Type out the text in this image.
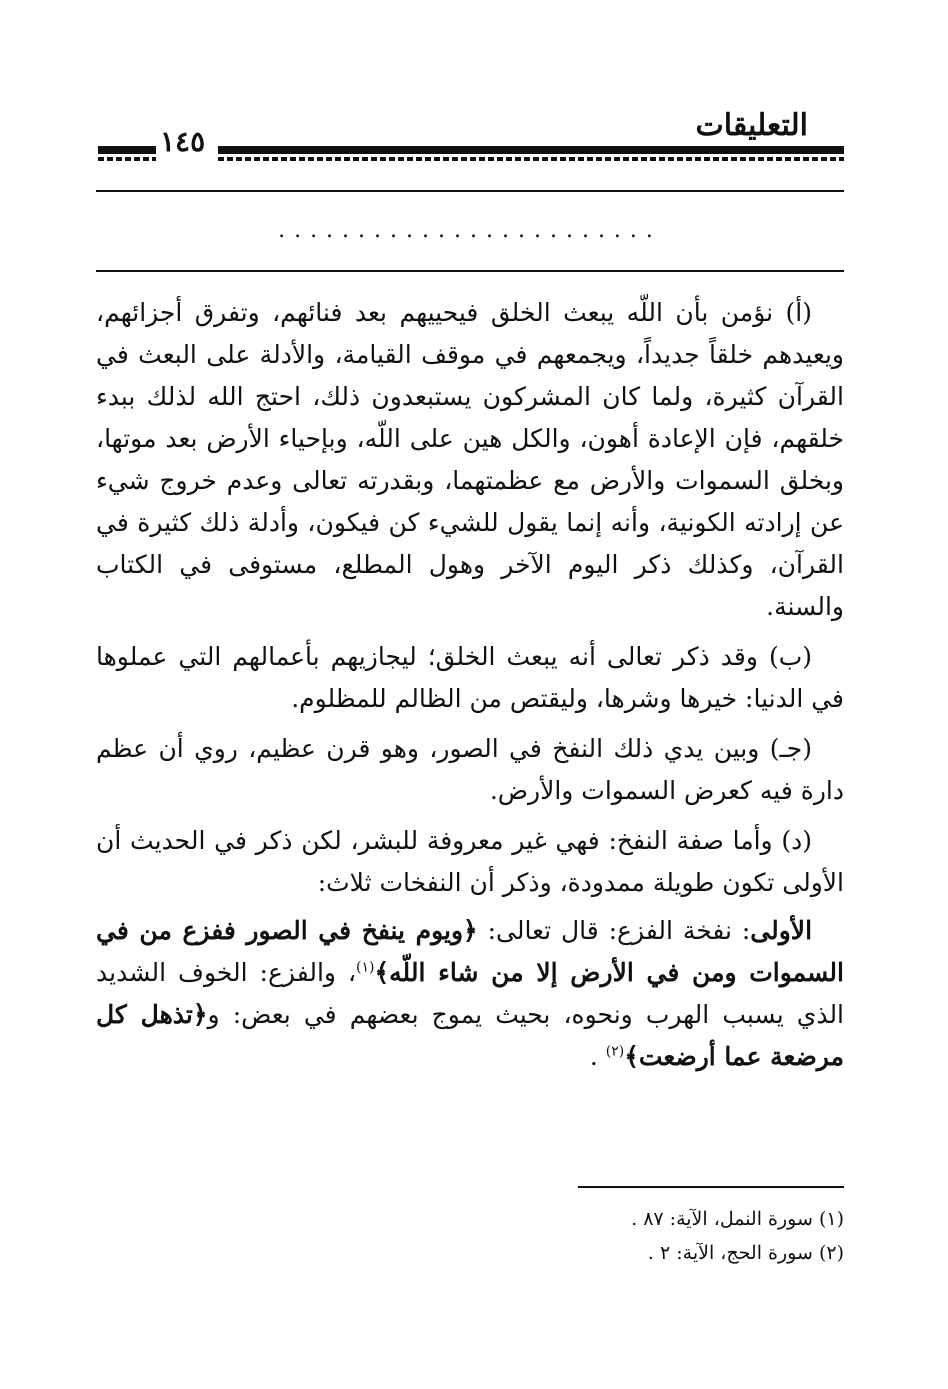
التعليقات
١٤٥
........................

(أ) نؤمن بأن اللّه يبعث الخلق فيحييهم بعد فنائهم، وتفرق أجزائهم، ويعيدهم خلقاً جديداً، ويجمعهم في موقف القيامة، والأدلة على البعث في القرآن كثيرة، ولما كان المشركون يستبعدون ذلك، احتج الله لذلك ببدء خلقهم، فإن الإعادة أهون، والكل هين على اللّه، وبإحياء الأرض بعد موتها، وبخلق السموات والأرض مع عظمتهما، وبقدرته تعالى وعدم خروج شيء عن إرادته الكونية، وأنه إنما يقول للشيء كن فيكون، وأدلة ذلك كثيرة في القرآن، وكذلك ذكر اليوم الآخر وهول المطلع، مستوفى في الكتاب والسنة.

(ب) وقد ذكر تعالى أنه يبعث الخلق؛ ليجازيهم بأعمالهم التي عملوها في الدنيا: خيرها وشرها، وليقتص من الظالم للمظلوم.

(جـ) وبين يدي ذلك النفخ في الصور، وهو قرن عظيم، روي أن عظم دارة فيه كعرض السموات والأرض.

(د) وأما صفة النفخ: فهي غير معروفة للبشر، لكن ذكر في الحديث أن الأولى تكون طويلة ممدودة، وذكر أن النفخات ثلاث:

الأولى: نفخة الفزع: قال تعالى: ﴿ويوم ينفخ في الصور ففزع من في السموات ومن في الأرض إلا من شاء اللّه﴾$^{(١)}$، والفزع: الخوف الشديد الذي يسبب الهرب ونحوه، بحيث يموج بعضهم في بعض: و﴿تذهل كل مرضعة عما أرضعت﴾$^{(٢)}$ .

(١) سورة النمل، الآية: ٨٧ .
(٢) سورة الحج، الآية: ٢ .
